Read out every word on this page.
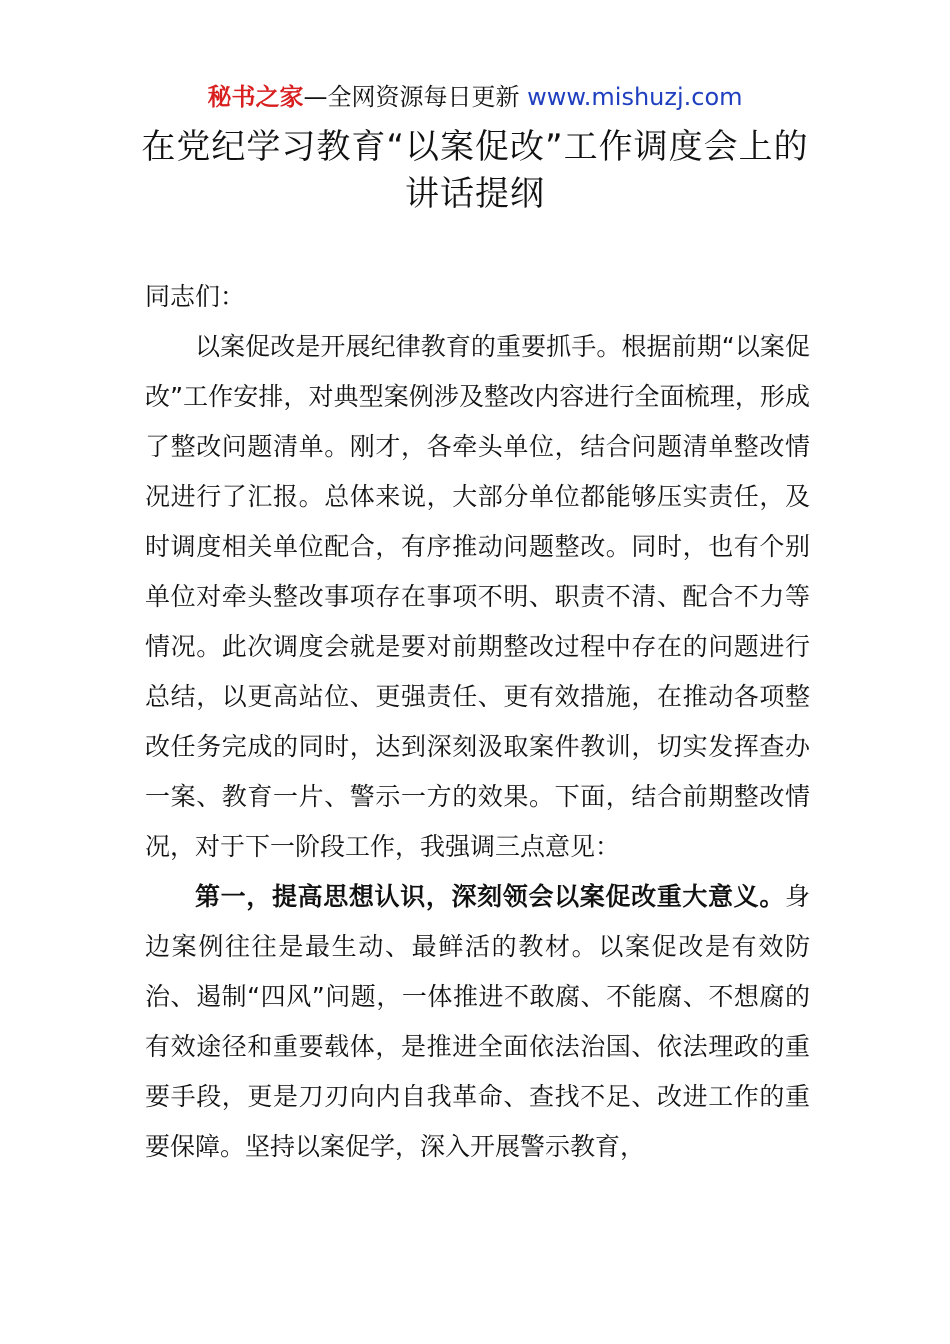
秘书之家—全网资源每日更新 www.mishuzj.com
在党纪学习教育“以案促改”工作调度会上的讲话提纲

同志们：

以案促改是开展纪律教育的重要抓手。根据前期“以案促改”工作安排，对典型案例涉及整改内容进行全面梳理，形成了整改问题清单。刚才，各牵头单位，结合问题清单整改情况进行了汇报。总体来说，大部分单位都能够压实责任，及时调度相关单位配合，有序推动问题整改。同时，也有个别单位对牵头整改事项存在事项不明、职责不清、配合不力等情况。此次调度会就是要对前期整改过程中存在的问题进行总结，以更高站位、更强责任、更有效措施，在推动各项整改任务完成的同时，达到深刻汲取案件教训，切实发挥查办一案、教育一片、警示一方的效果。下面，结合前期整改情况，对于下一阶段工作，我强调三点意见：

第一，提高思想认识，深刻领会以案促改重大意义。身边案例往往是最生动、最鲜活的教材。以案促改是有效防治、遏制“四风”问题，一体推进不敢腐、不能腐、不想腐的有效途径和重要载体，是推进全面依法治国、依法理政的重要手段，更是刀刃向内自我革命、查找不足、改进工作的重要保障。坚持以案促学，深入开展警示教育，
